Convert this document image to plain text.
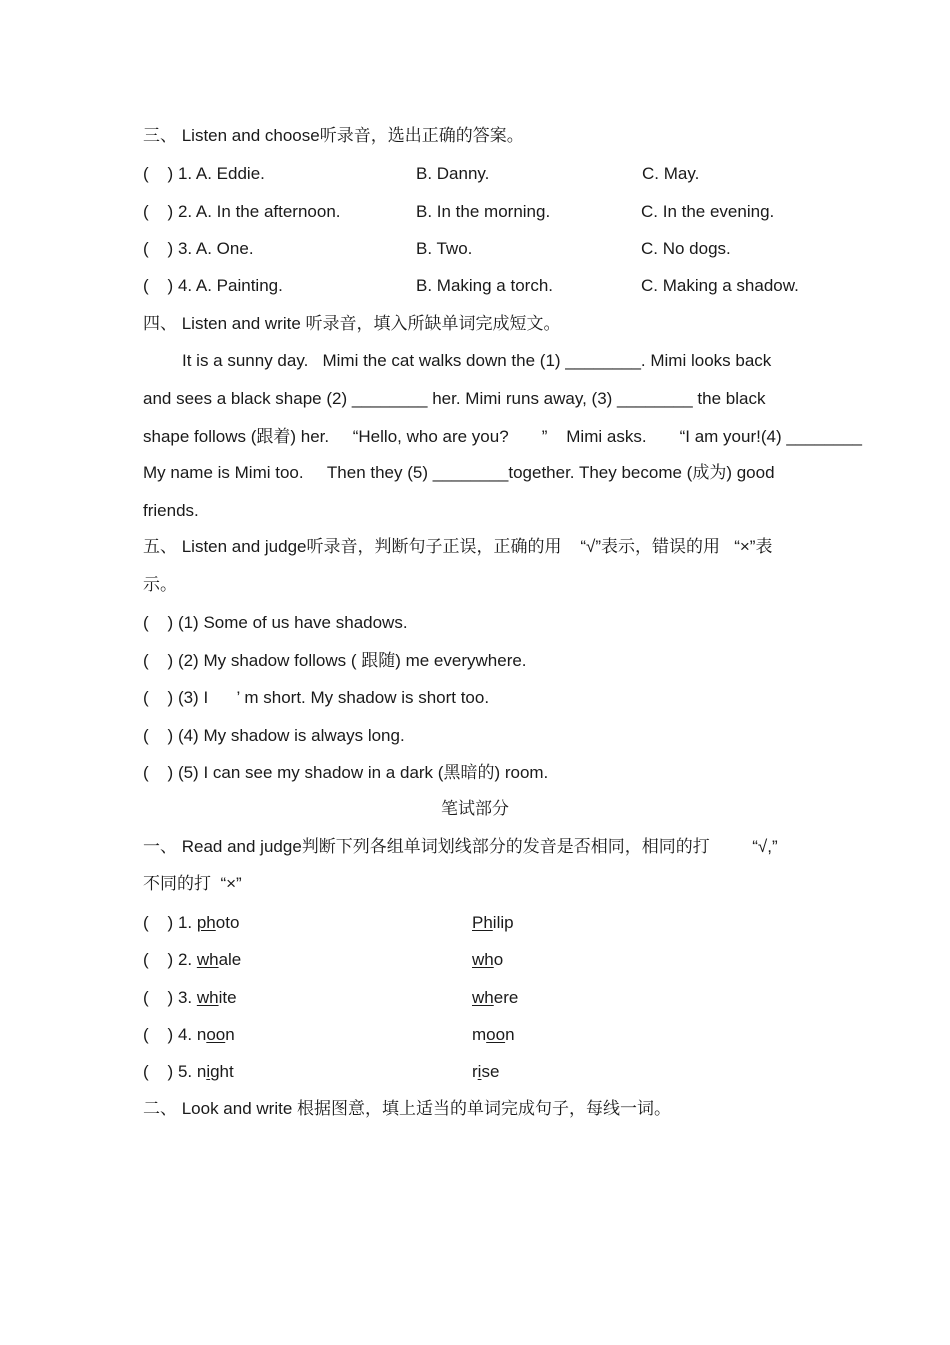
三、 Listen and choose听录音，选出正确的答案。
(    ) 1. A. Eddie.	B. Danny.	C. May.
(    ) 2. A. In the afternoon.	B. In the morning.	C. In the evening.
(    ) 3. A. One.	B. Two.	C. No dogs.
(    ) 4. A. Painting.	B. Making a torch.	C. Making a shadow.
四、 Listen and write 听录音，填入所缺单词完成短文。
It is a sunny day.   Mimi the cat walks down the (1) ________. Mimi looks back
and sees a black shape (2) ________ her. Mimi runs away, (3) ________ the black
shape follows (跟着) her.     “Hello, who are you?       ”    Mimi asks.       “I am your!(4) ________
My name is Mimi too.     Then they (5) ________together. They become (成为) good
friends.
五、 Listen and judge听录音，判断句子正误，正确的用    “√”表示，错误的用   “×”表
示。
(    ) (1) Some of us have shadows.
(    ) (2) My shadow follows ( 跟随) me everywhere.
(    ) (3) I      ’ m short. My shadow is short too.
(    ) (4) My shadow is always long.
(    ) (5) I can see my shadow in a dark (黑暗的) room.
笔试部分
一、 Read and judge判断下列各组单词划线部分的发音是否相同，相同的打         “√,”
不同的打  “×”
(    ) 1. photo	Philip
(    ) 2. whale	who
(    ) 3. white	where
(    ) 4. noon	moon
(    ) 5. night	rise
二、 Look and write 根据图意，填上适当的单词完成句子，每线一词。
